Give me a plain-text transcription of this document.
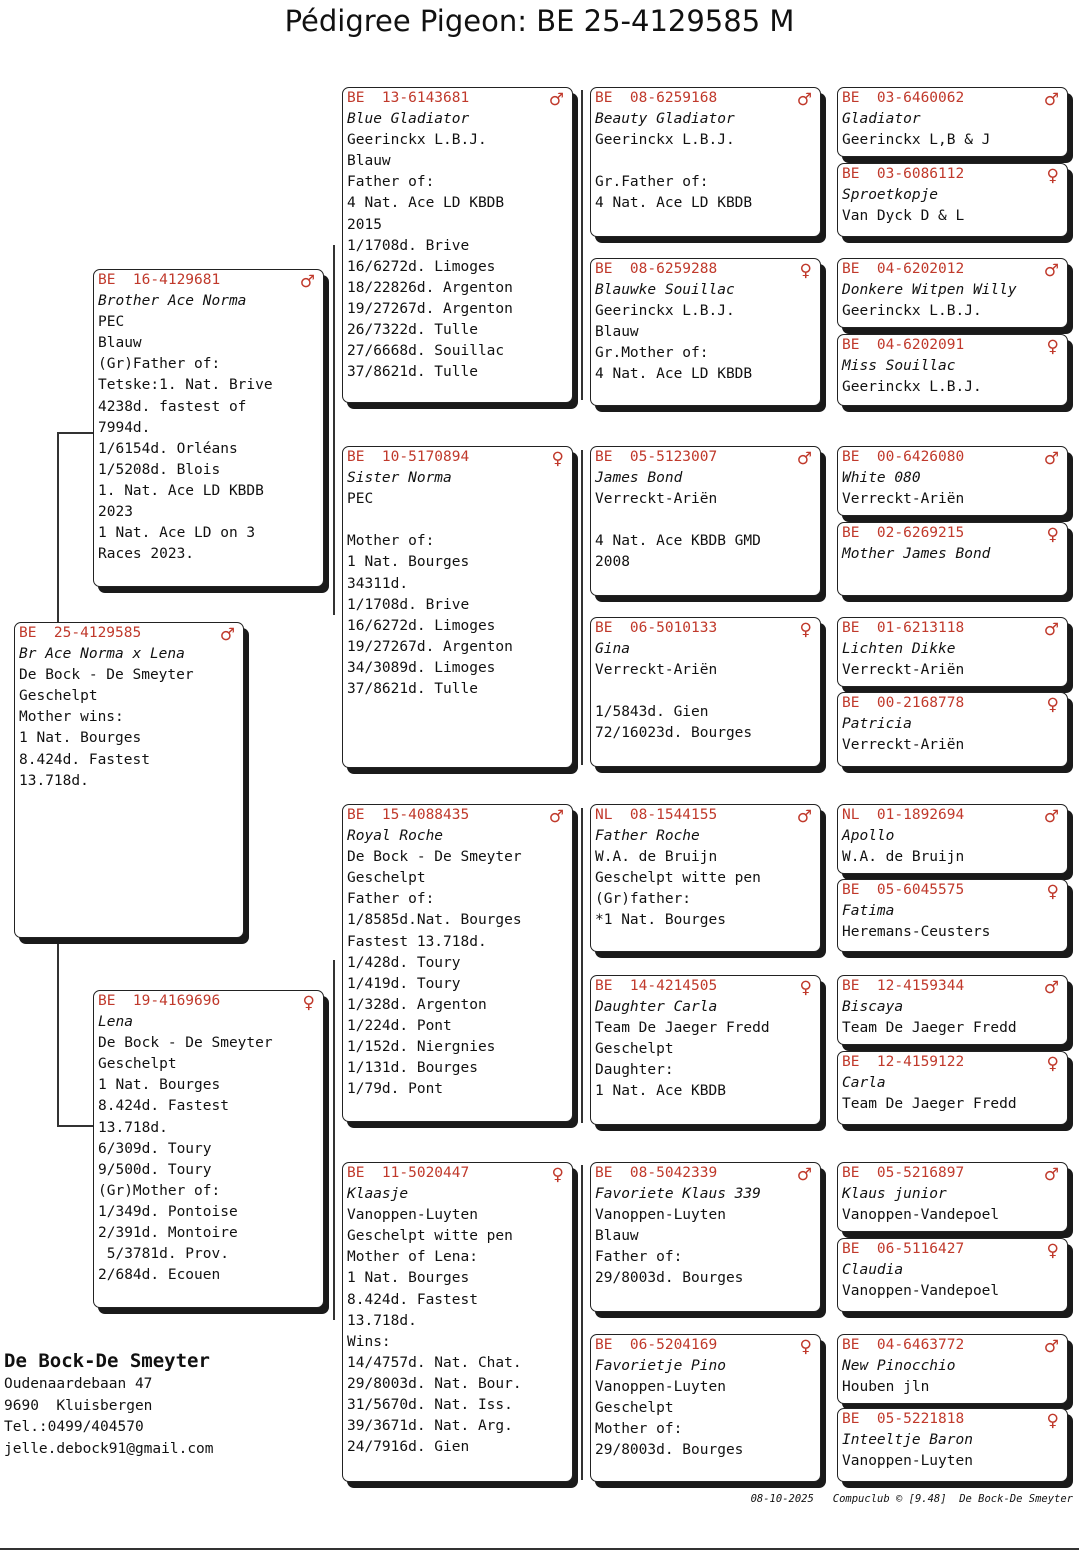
Pédigree Pigeon: BE 25-4129585 M
BE  25-4129585	♂
Br Ace Norma x Lena
De Bock - De Smeyter
Geschelpt
Mother wins:
1 Nat. Bourges
8.424d. Fastest
13.718d.
BE  16-4129681	♂
Brother Ace Norma
PEC
Blauw
(Gr)Father of:
Tetske:1. Nat. Brive
4238d. fastest of
7994d.
1/6154d. Orléans
1/5208d. Blois
1. Nat. Ace LD KBDB
2023
1 Nat. Ace LD on 3
Races 2023.
BE  19-4169696	♀
Lena
De Bock - De Smeyter
Geschelpt
1 Nat. Bourges
8.424d. Fastest
13.718d.
6/309d. Toury
9/500d. Toury
(Gr)Mother of:
1/349d. Pontoise
2/391d. Montoire
5/3781d. Prov.
2/684d. Ecouen
BE  13-6143681	♂
Blue Gladiator
Geerinckx L.B.J.
Blauw
Father of:
4 Nat. Ace LD KBDB
2015
1/1708d. Brive
16/6272d. Limoges
18/22826d. Argenton
19/27267d. Argenton
26/7322d. Tulle
27/6668d. Souillac
37/8621d. Tulle
BE  10-5170894	♀
Sister Norma
PEC

Mother of:
1 Nat. Bourges
34311d.
1/1708d. Brive
16/6272d. Limoges
19/27267d. Argenton
34/3089d. Limoges
37/8621d. Tulle
BE  15-4088435	♂
Royal Roche
De Bock - De Smeyter
Geschelpt
Father of:
1/8585d.Nat. Bourges
Fastest 13.718d.
1/428d. Toury
1/419d. Toury
1/328d. Argenton
1/224d. Pont
1/152d. Niergnies
1/131d. Bourges
1/79d. Pont
BE  11-5020447	♀
Klaasje
Vanoppen-Luyten
Geschelpt witte pen
Mother of Lena:
1 Nat. Bourges
8.424d. Fastest
13.718d.
Wins:
14/4757d. Nat. Chat.
29/8003d. Nat. Bour.
31/5670d. Nat. Iss.
39/3671d. Nat. Arg.
24/7916d. Gien
BE  08-6259168	♂
Beauty Gladiator
Geerinckx L.B.J.

Gr.Father of:
4 Nat. Ace LD KBDB
BE  08-6259288	♀
Blauwke Souillac
Geerinckx L.B.J.
Blauw
Gr.Mother of:
4 Nat. Ace LD KBDB
BE  05-5123007	♂
James Bond
Verreckt-Ariën

4 Nat. Ace KBDB GMD
2008
BE  06-5010133	♀
Gina
Verreckt-Ariën

1/5843d. Gien
72/16023d. Bourges
NL  08-1544155	♂
Father Roche
W.A. de Bruijn
Geschelpt witte pen
(Gr)father:
*1 Nat. Bourges
BE  14-4214505	♀
Daughter Carla
Team De Jaeger Fredd
Geschelpt
Daughter:
1 Nat. Ace KBDB
BE  08-5042339	♂
Favoriete Klaus 339
Vanoppen-Luyten
Blauw
Father of:
29/8003d. Bourges
BE  06-5204169	♀
Favorietje Pino
Vanoppen-Luyten
Geschelpt
Mother of:
29/8003d. Bourges
BE  03-6460062	♂
Gladiator
Geerinckx L,B & J
BE  03-6086112	♀
Sproetkopje
Van Dyck D & L
BE  04-6202012	♂
Donkere Witpen Willy
Geerinckx L.B.J.
BE  04-6202091	♀
Miss Souillac
Geerinckx L.B.J.
BE  00-6426080	♂
White 080
Verreckt-Ariën
BE  02-6269215	♀
Mother James Bond
BE  01-6213118	♂
Lichten Dikke
Verreckt-Ariën
BE  00-2168778	♀
Patricia
Verreckt-Ariën
NL  01-1892694	♂
Apollo
W.A. de Bruijn
BE  05-6045575	♀
Fatima
Heremans-Ceusters
BE  12-4159344	♂
Biscaya
Team De Jaeger Fredd
BE  12-4159122	♀
Carla
Team De Jaeger Fredd
BE  05-5216897	♂
Klaus junior
Vanoppen-Vandepoel
BE  06-5116427	♀
Claudia
Vanoppen-Vandepoel
BE  04-6463772	♂
New Pinocchio
Houben jln
BE  05-5221818	♀
Inteeltje Baron
Vanoppen-Luyten
De Bock-De Smeyter
Oudenaardebaan 47
9690  Kluisbergen
Tel.:0499/404570
jelle.debock91@gmail.com
08-10-2025   Compuclub © [9.48]  De Bock-De Smeyter
